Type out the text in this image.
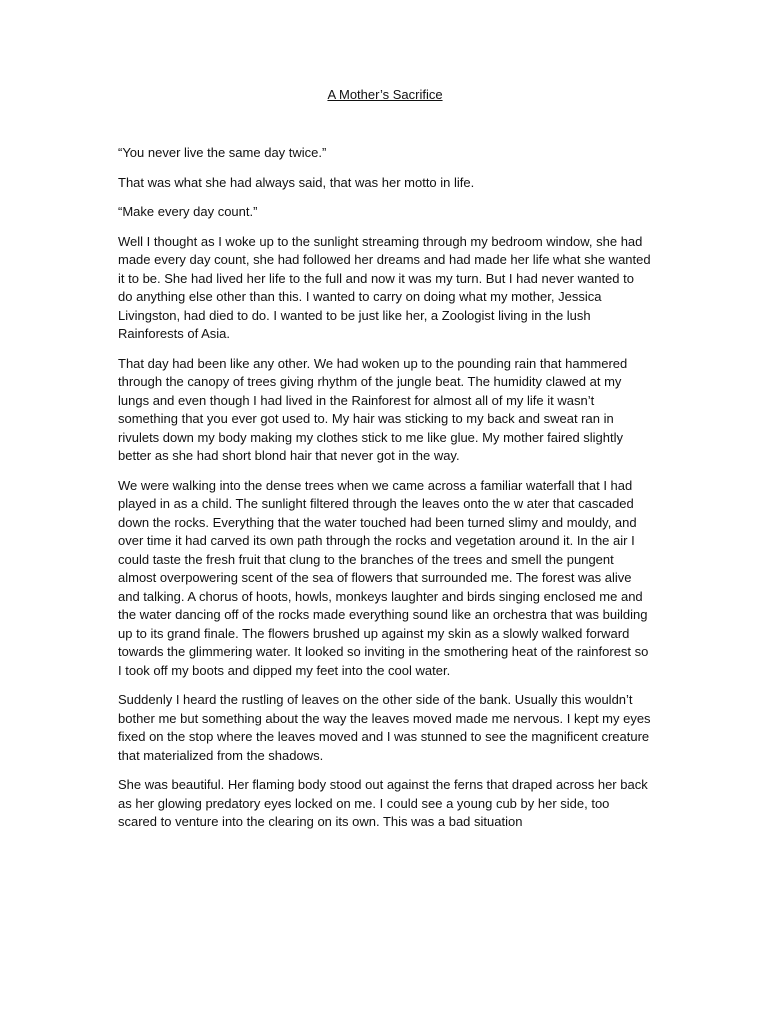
A Mother’s Sacrifice

“You never live the same day twice.”

That was what she had always said, that was her motto in life.

“Make every day count.”

Well I thought as I woke up to the sunlight streaming through my bedroom window, she had made every day count, she had followed her dreams and had made her life what she wanted it to be. She had lived her life to the full and now it was my turn. But I had never wanted to do anything else other than this. I wanted to carry on doing what my mother, Jessica Livingston, had died to do. I wanted to be just like her, a Zoologist living in the lush Rainforests of Asia.

That day had been like any other. We had woken up to the pounding rain that hammered through the canopy of trees giving rhythm of the jungle beat. The humidity clawed at my lungs and even though I had lived in the Rainforest for almost all of my life it wasn’t something that you ever got used to. My hair was sticking to my back and sweat ran in rivulets down my body making my clothes stick to me like glue. My mother faired slightly better as she had short blond hair that never got in the way.

We were walking into the dense trees when we came across a familiar waterfall that I had played in as a child. The sunlight filtered through the leaves onto the w ater that cascaded down the rocks. Everything that the water touched had been turned slimy and mouldy, and over time it had carved its own path through the rocks and vegetation around it. In the air I could taste the fresh fruit that clung to the branches of the trees and smell the pungent almost overpowering scent of the sea of flowers that surrounded me. The forest was alive and talking. A chorus of hoots, howls, monkeys laughter and birds singing enclosed me and the water dancing off of the rocks made everything sound like an orchestra that was building up to its grand finale. The flowers brushed up against my skin as a slowly walked forward towards the glimmering water. It looked so inviting in the smothering heat of the rainforest so I took off my boots and dipped my feet into the cool water.

Suddenly I heard the rustling of leaves on the other side of the bank. Usually this wouldn’t bother me but something about the way the leaves moved made me nervous. I kept my eyes fixed on the stop where the leaves moved and I was stunned to see the magnificent creature that materialized from the shadows.

She was beautiful. Her flaming body stood out against the ferns that draped across her back as her glowing predatory eyes locked on me. I could see a young cub by her side, too scared to venture into the clearing on its own. This was a bad situation
